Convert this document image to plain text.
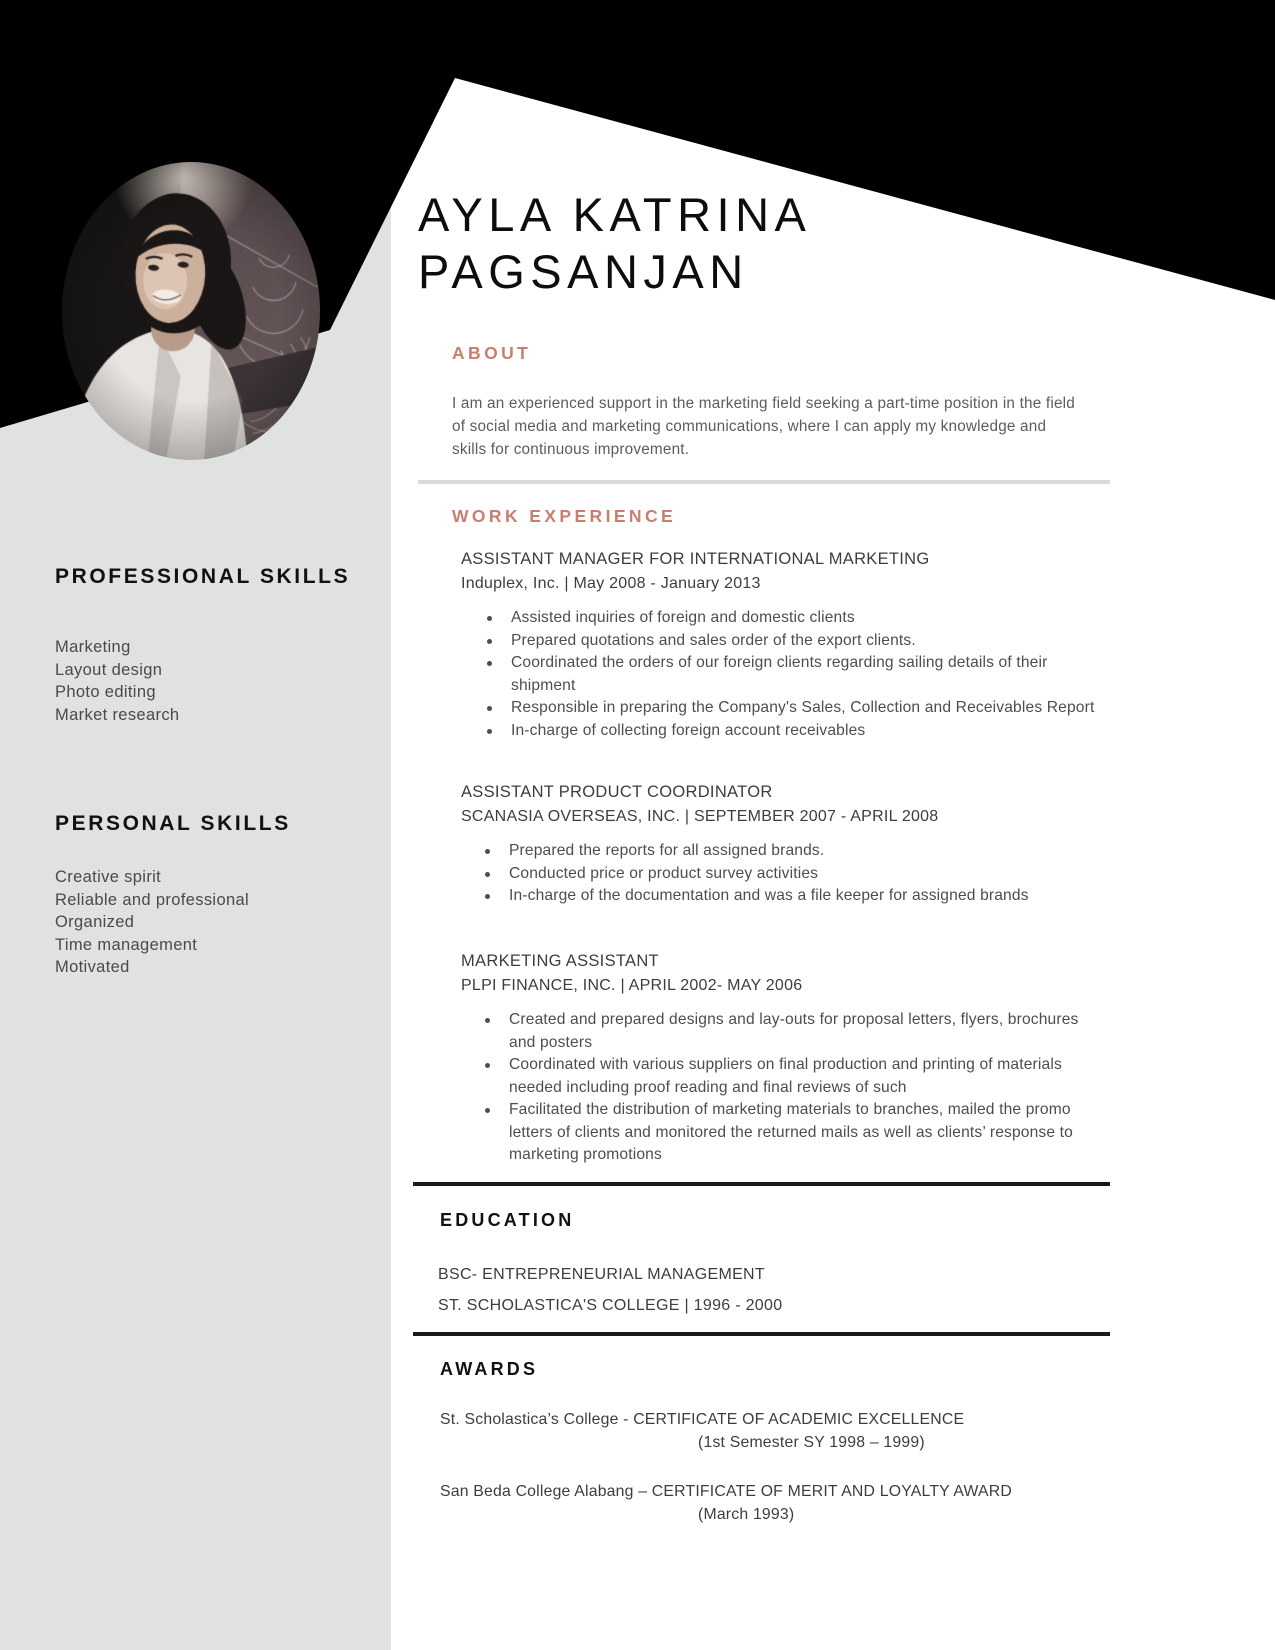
PROFESSIONAL SKILLS
Marketing
Layout design
Photo editing
Market research
PERSONAL SKILLS
Creative spirit
Reliable and professional
Organized
Time management
Motivated
AYLA KATRINA
PAGSANJAN
ABOUT
I am an experienced support in the marketing field seeking a part-time position in the field of social media and marketing communications, where I can apply my knowledge and skills for continuous improvement.
WORK EXPERIENCE
ASSISTANT MANAGER FOR INTERNATIONAL MARKETING
Induplex, Inc. | May 2008 - January 2013
Assisted inquiries of foreign and domestic clients
Prepared quotations and sales order of the export clients.
Coordinated the orders of our foreign clients regarding sailing details of their shipment
Responsible in preparing the Company's Sales, Collection and Receivables Report
In-charge of collecting foreign account receivables
ASSISTANT PRODUCT COORDINATOR
SCANASIA OVERSEAS, INC. | SEPTEMBER 2007 - APRIL 2008
Prepared the reports for all assigned brands.
Conducted price or product survey activities
In-charge of the documentation and was a file keeper for assigned brands
MARKETING ASSISTANT
PLPI FINANCE, INC. | APRIL 2002- MAY 2006
Created and prepared designs and lay-outs for proposal letters, flyers, brochures and posters
Coordinated with various suppliers on final production and printing of materials needed including proof reading and final reviews of such
Facilitated the distribution of marketing materials to branches, mailed the promo letters of clients and monitored the returned mails as well as clients’ response to marketing promotions
EDUCATION
BSC- ENTREPRENEURIAL MANAGEMENT
ST. SCHOLASTICA'S COLLEGE | 1996 - 2000
AWARDS
St. Scholastica’s College - CERTIFICATE OF ACADEMIC EXCELLENCE
(1st Semester SY 1998 – 1999)
San Beda College Alabang – CERTIFICATE OF MERIT AND LOYALTY AWARD
(March 1993)
